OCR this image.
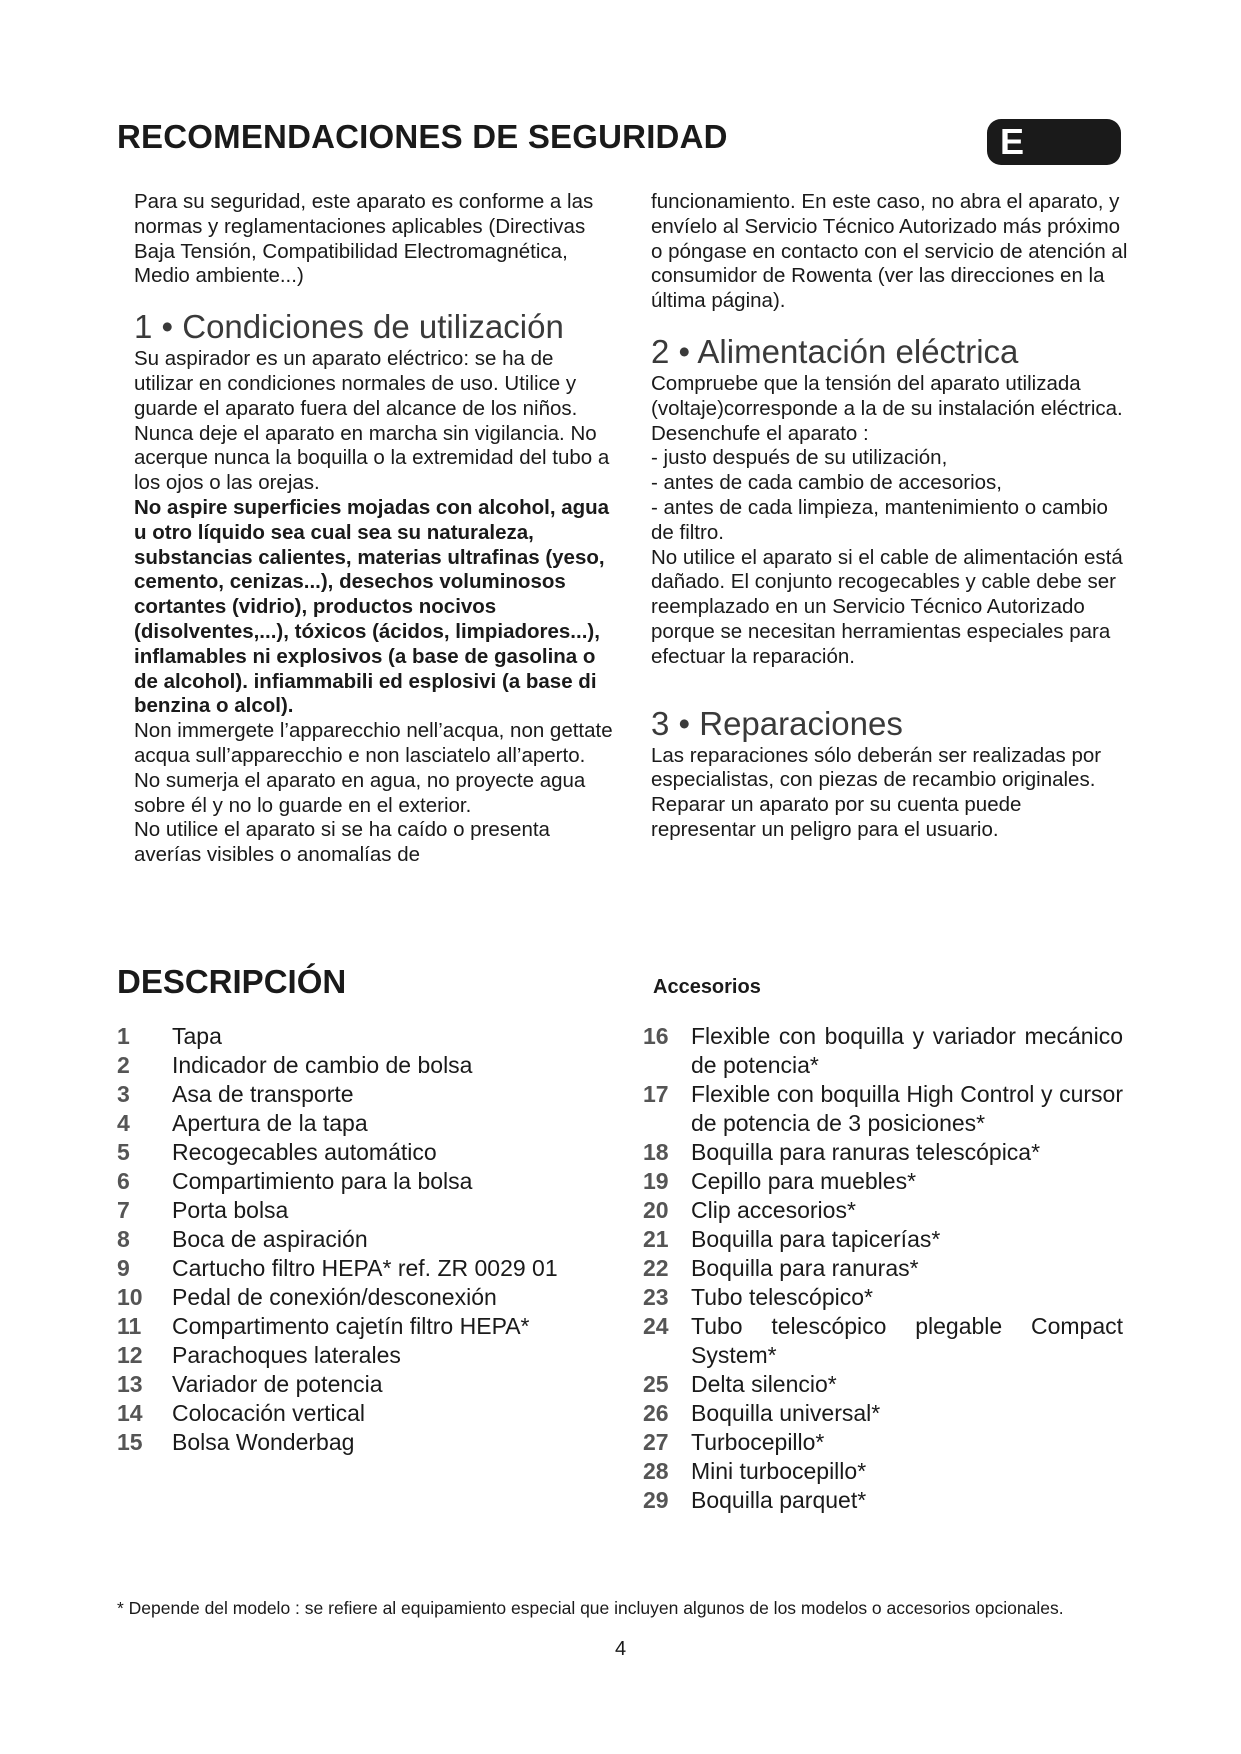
RECOMENDACIONES DE SEGURIDAD	E

Para su seguridad, este aparato es conforme a las normas y reglamentaciones aplicables (Directivas Baja Tensión, Compatibilidad Electromagnética, Medio ambiente...)

1 • Condiciones de utilización

Su aspirador es un aparato eléctrico: se ha de utilizar en condiciones normales de uso. Utilice y guarde el aparato fuera del alcance de los niños. Nunca deje el aparato en marcha sin vigilancia. No acerque nunca la boquilla o la extremidad del tubo a los ojos o las orejas.

No aspire superficies mojadas con alcohol, agua u otro líquido sea cual sea su naturaleza, substancias calientes, materias ultrafinas (yeso, cemento, cenizas...), desechos voluminosos cortantes (vidrio), productos nocivos (disolventes,...), tóxicos (ácidos, limpiadores...), inflamables ni explosivos (a base de gasolina o de alcohol). infiammabili ed esplosivi (a base di benzina o alcol).

Non immergete l’apparecchio nell’acqua, non gettate acqua sull’apparecchio e non lasciatelo all’aperto.

No sumerja el aparato en agua, no proyecte agua sobre él y no lo guarde en el exterior.

No utilice el aparato si se ha caído o presenta averías visibles o anomalías de

funcionamiento. En este caso, no abra el aparato, y envíelo al Servicio Técnico Autorizado más próximo o póngase en contacto con el servicio de atención al consumidor de Rowenta (ver las direcciones en la última página).

2 • Alimentación eléctrica

Compruebe que la tensión del aparato utilizada (voltaje)corresponde a la de su instalación eléctrica. Desenchufe el aparato :

- justo después de su utilización,

- antes de cada cambio de accesorios,

- antes de cada limpieza, mantenimiento o cambio de filtro.

No utilice el aparato si el cable de alimentación está dañado. El conjunto recogecables y cable debe ser reemplazado en un Servicio Técnico Autorizado porque se necesitan herramientas especiales para efectuar la reparación.

3 • Reparaciones

Las reparaciones sólo deberán ser realizadas por especialistas, con piezas de recambio originales. Reparar un aparato por su cuenta puede representar un peligro para el usuario.

DESCRIPCIÓN	Accesorios
1 Tapa
2 Indicador de cambio de bolsa
3 Asa de transporte
4 Apertura de la tapa
5 Recogecables automático
6 Compartimiento para la bolsa
7 Porta bolsa
8 Boca de aspiración
9 Cartucho filtro HEPA* ref. ZR 0029 01
10 Pedal de conexión/desconexión
11 Compartimento cajetín filtro HEPA*
12 Parachoques laterales
13 Variador de potencia
14 Colocación vertical
15 Bolsa Wonderbag
16 Flexible con boquilla y variador mecánico de potencia*
17 Flexible con boquilla High Control y cursor de potencia de 3 posiciones*
18 Boquilla para ranuras telescópica*
19 Cepillo para muebles*
20 Clip accesorios*
21 Boquilla para tapicerías*
22 Boquilla para ranuras*
23 Tubo telescópico*
24 Tubo telescópico plegable Compact System*
25 Delta silencio*
26 Boquilla universal*
27 Turbocepillo*
28 Mini turbocepillo*
29 Boquilla parquet*

* Depende del modelo : se refiere al equipamiento especial que incluyen algunos de los modelos o accesorios opcionales.

4
